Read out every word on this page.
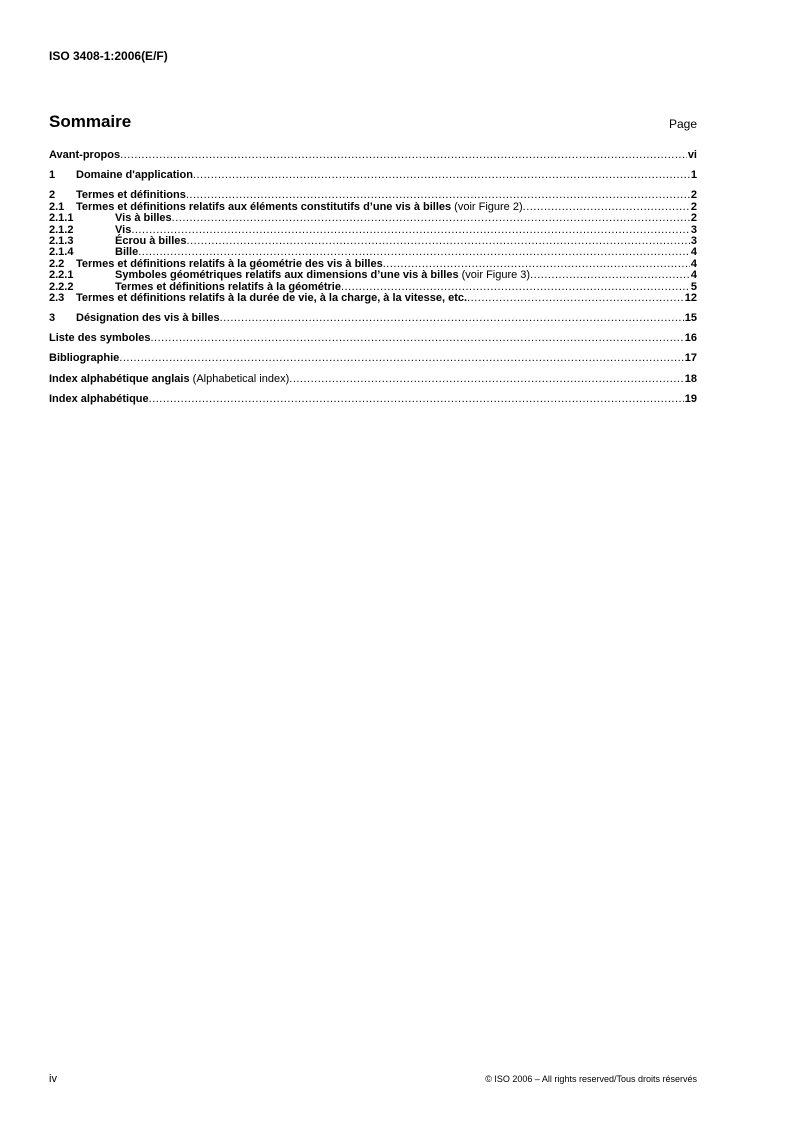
ISO 3408-1:2006(E/F)
Sommaire	Page
Avant-propos .....	vi
1	Domaine d'application .....	1
2	Termes et définitions .....	2
2.1	Termes et définitions relatifs aux éléments constitutifs d’une vis à billes (voir Figure 2) .....	2
2.1.1	Vis à billes .....	2
2.1.2	Vis .....	3
2.1.3	Écrou à billes .....	3
2.1.4	Bille .....	4
2.2	Termes et définitions relatifs à la géométrie des vis à billes .....	4
2.2.1	Symboles géométriques relatifs aux dimensions d’une vis à billes (voir Figure 3) .....	4
2.2.2	Termes et définitions relatifs à la géométrie .....	5
2.3	Termes et définitions relatifs à la durée de vie, à la charge, à la vitesse, etc. .....	12
3	Désignation des vis à billes .....	15
Liste des symboles .....	16
Bibliographie .....	17
Index alphabétique anglais (Alphabetical index) .....	18
Index alphabétique .....	19
iv	© ISO 2006 – All rights reserved/Tous droits réservés
